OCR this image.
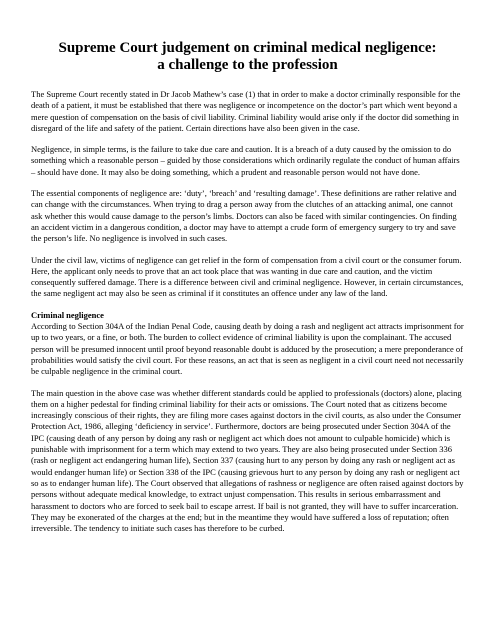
Supreme Court judgement on criminal medical negligence:
a challenge to the profession

The Supreme Court recently stated in Dr Jacob Mathew’s case (1) that in order to make a doctor criminally responsible for the death of a patient, it must be established that there was negligence or incompetence on the doctor’s part which went beyond a mere question of compensation on the basis of civil liability. Criminal liability would arise only if the doctor did something in disregard of the life and safety of the patient. Certain directions have also been given in the case.

Negligence, in simple terms, is the failure to take due care and caution. It is a breach of a duty caused by the omission to do something which a reasonable person – guided by those considerations which ordinarily regulate the conduct of human affairs – should have done. It may also be doing something, which a prudent and reasonable person would not have done.

The essential components of negligence are: ‘duty’, ‘breach’ and ‘resulting damage’. These definitions are rather relative and can change with the circumstances. When trying to drag a person away from the clutches of an attacking animal, one cannot ask whether this would cause damage to the person’s limbs. Doctors can also be faced with similar contingencies. On finding an accident victim in a dangerous condition, a doctor may have to attempt a crude form of emergency surgery to try and save the person’s life. No negligence is involved in such cases.

Under the civil law, victims of negligence can get relief in the form of compensation from a civil court or the consumer forum. Here, the applicant only needs to prove that an act took place that was wanting in due care and caution, and the victim consequently suffered damage. There is a difference between civil and criminal negligence. However, in certain circumstances, the same negligent act may also be seen as criminal if it constitutes an offence under any law of the land.

Criminal negligence
According to Section 304A of the Indian Penal Code, causing death by doing a rash and negligent act attracts imprisonment for up to two years, or a fine, or both. The burden to collect evidence of criminal liability is upon the complainant. The accused person will be presumed innocent until proof beyond reasonable doubt is adduced by the prosecution; a mere preponderance of probabilities would satisfy the civil court. For these reasons, an act that is seen as negligent in a civil court need not necessarily be culpable negligence in the criminal court.

The main question in the above case was whether different standards could be applied to professionals (doctors) alone, placing them on a higher pedestal for finding criminal liability for their acts or omissions. The Court noted that as citizens become increasingly conscious of their rights, they are filing more cases against doctors in the civil courts, as also under the Consumer Protection Act, 1986, alleging ‘deficiency in service’. Furthermore, doctors are being prosecuted under Section 304A of the IPC (causing death of any person by doing any rash or negligent act which does not amount to culpable homicide) which is punishable with imprisonment for a term which may extend to two years. They are also being prosecuted under Section 336 (rash or negligent act endangering human life), Section 337 (causing hurt to any person by doing any rash or negligent act as would endanger human life) or Section 338 of the IPC (causing grievous hurt to any person by doing any rash or negligent act so as to endanger human life). The Court observed that allegations of rashness or negligence are often raised against doctors by persons without adequate medical knowledge, to extract unjust compensation. This results in serious embarrassment and harassment to doctors who are forced to seek bail to escape arrest. If bail is not granted, they will have to suffer incarceration. They may be exonerated of the charges at the end; but in the meantime they would have suffered a loss of reputation; often irreversible. The tendency to initiate such cases has therefore to be curbed.
